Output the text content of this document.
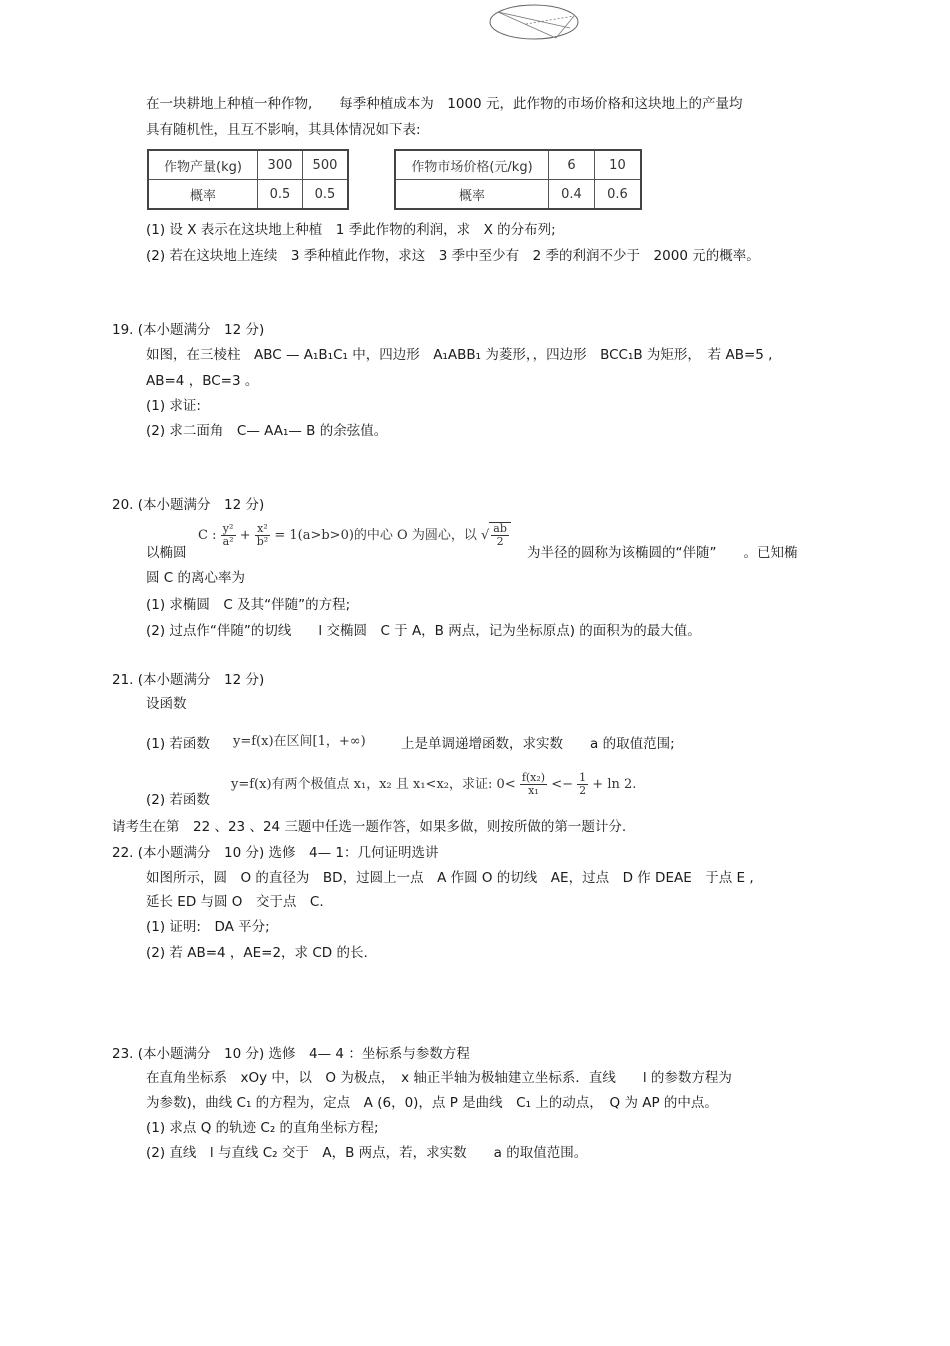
在一块耕地上种植一种作物,　　每季种植成本为　1000 元，此作物的市场价格和这块地上的产量均
具有随机性，且互不影响，其具体情况如下表:
作物产量(kg)	300	500
概率	0.5	0.5
作物市场价格(元/kg)	6	10
概率	0.4	0.6
(1) 设 X 表示在这块地上种植　1 季此作物的利润，求　X 的分布列;
(2) 若在这块地上连续　3 季种植此作物，求这　3 季中至少有　2 季的利润不少于　2000 元的概率。
19. (本小题满分　12 分)
如图，在三棱柱　ABC — A₁B₁C₁ 中，四边形　A₁ABB₁ 为菱形，，四边形　BCC₁B 为矩形，　若 AB=5 ,
AB=4 ，BC=3 。
(1) 求证:
(2) 求二面角　C— AA₁— B 的余弦值。
20. (本小题满分　12 分)
C : $\frac{\text{y²}}{\text{a²}} + \frac{\text{x²}}{\text{b²}} = 1(a>b>0)$的中心 O 为圆心，以 √ $\frac{ab}{2}$
以椭圆	为半径的圆称为该椭圆的“伴随”　　。已知椭
圆 C 的离心率为
(1) 求椭圆　C 及其“伴随”的方程;
(2) 过点作“伴随”的切线　　l 交椭圆　C 于 A，B 两点，记为坐标原点) 的面积为的最大值。
21. (本小题满分　12 分)
设函数
(1) 若函数 y=f(x)在区间[1，+∞)	上是单调递增函数，求实数　　a 的取值范围;
(2) 若函数
y=f(x)有两个极值点 x₁，x₂ 且 x₁<x₂，求证: $0< \frac{\text{f(x₂)}}{\text{x₁}} <- \frac{1}{2} + \ln 2$.
请考生在第　22 、23 、24 三题中任选一题作答，如果多做，则按所做的第一题计分.
22. (本小题满分　10 分) 选修　4— 1：几何证明选讲
如图所示，圆　O 的直径为　BD，过圆上一点　A 作圆 O 的切线　AE，过点　D 作 DEAE　于点 E ,
延长 ED 与圆 O　交于点　C.
(1) 证明:　DA 平分;
(2) 若 AB=4 ，AE=2，求 CD 的长.
23. (本小题满分　10 分) 选修　4— 4 ：坐标系与参数方程
在直角坐标系　xOy 中，以　O 为极点，　x 轴正半轴为极轴建立坐标系．直线　　l 的参数方程为
为参数)，曲线 C₁ 的方程为，定点　A (6，0)，点 P 是曲线　C₁ 上的动点，　Q 为 AP 的中点。
(1) 求点 Q 的轨迹 C₂ 的直角坐标方程;
(2) 直线　l 与直线 C₂ 交于　A，B 两点，若，求实数　　a 的取值范围。
